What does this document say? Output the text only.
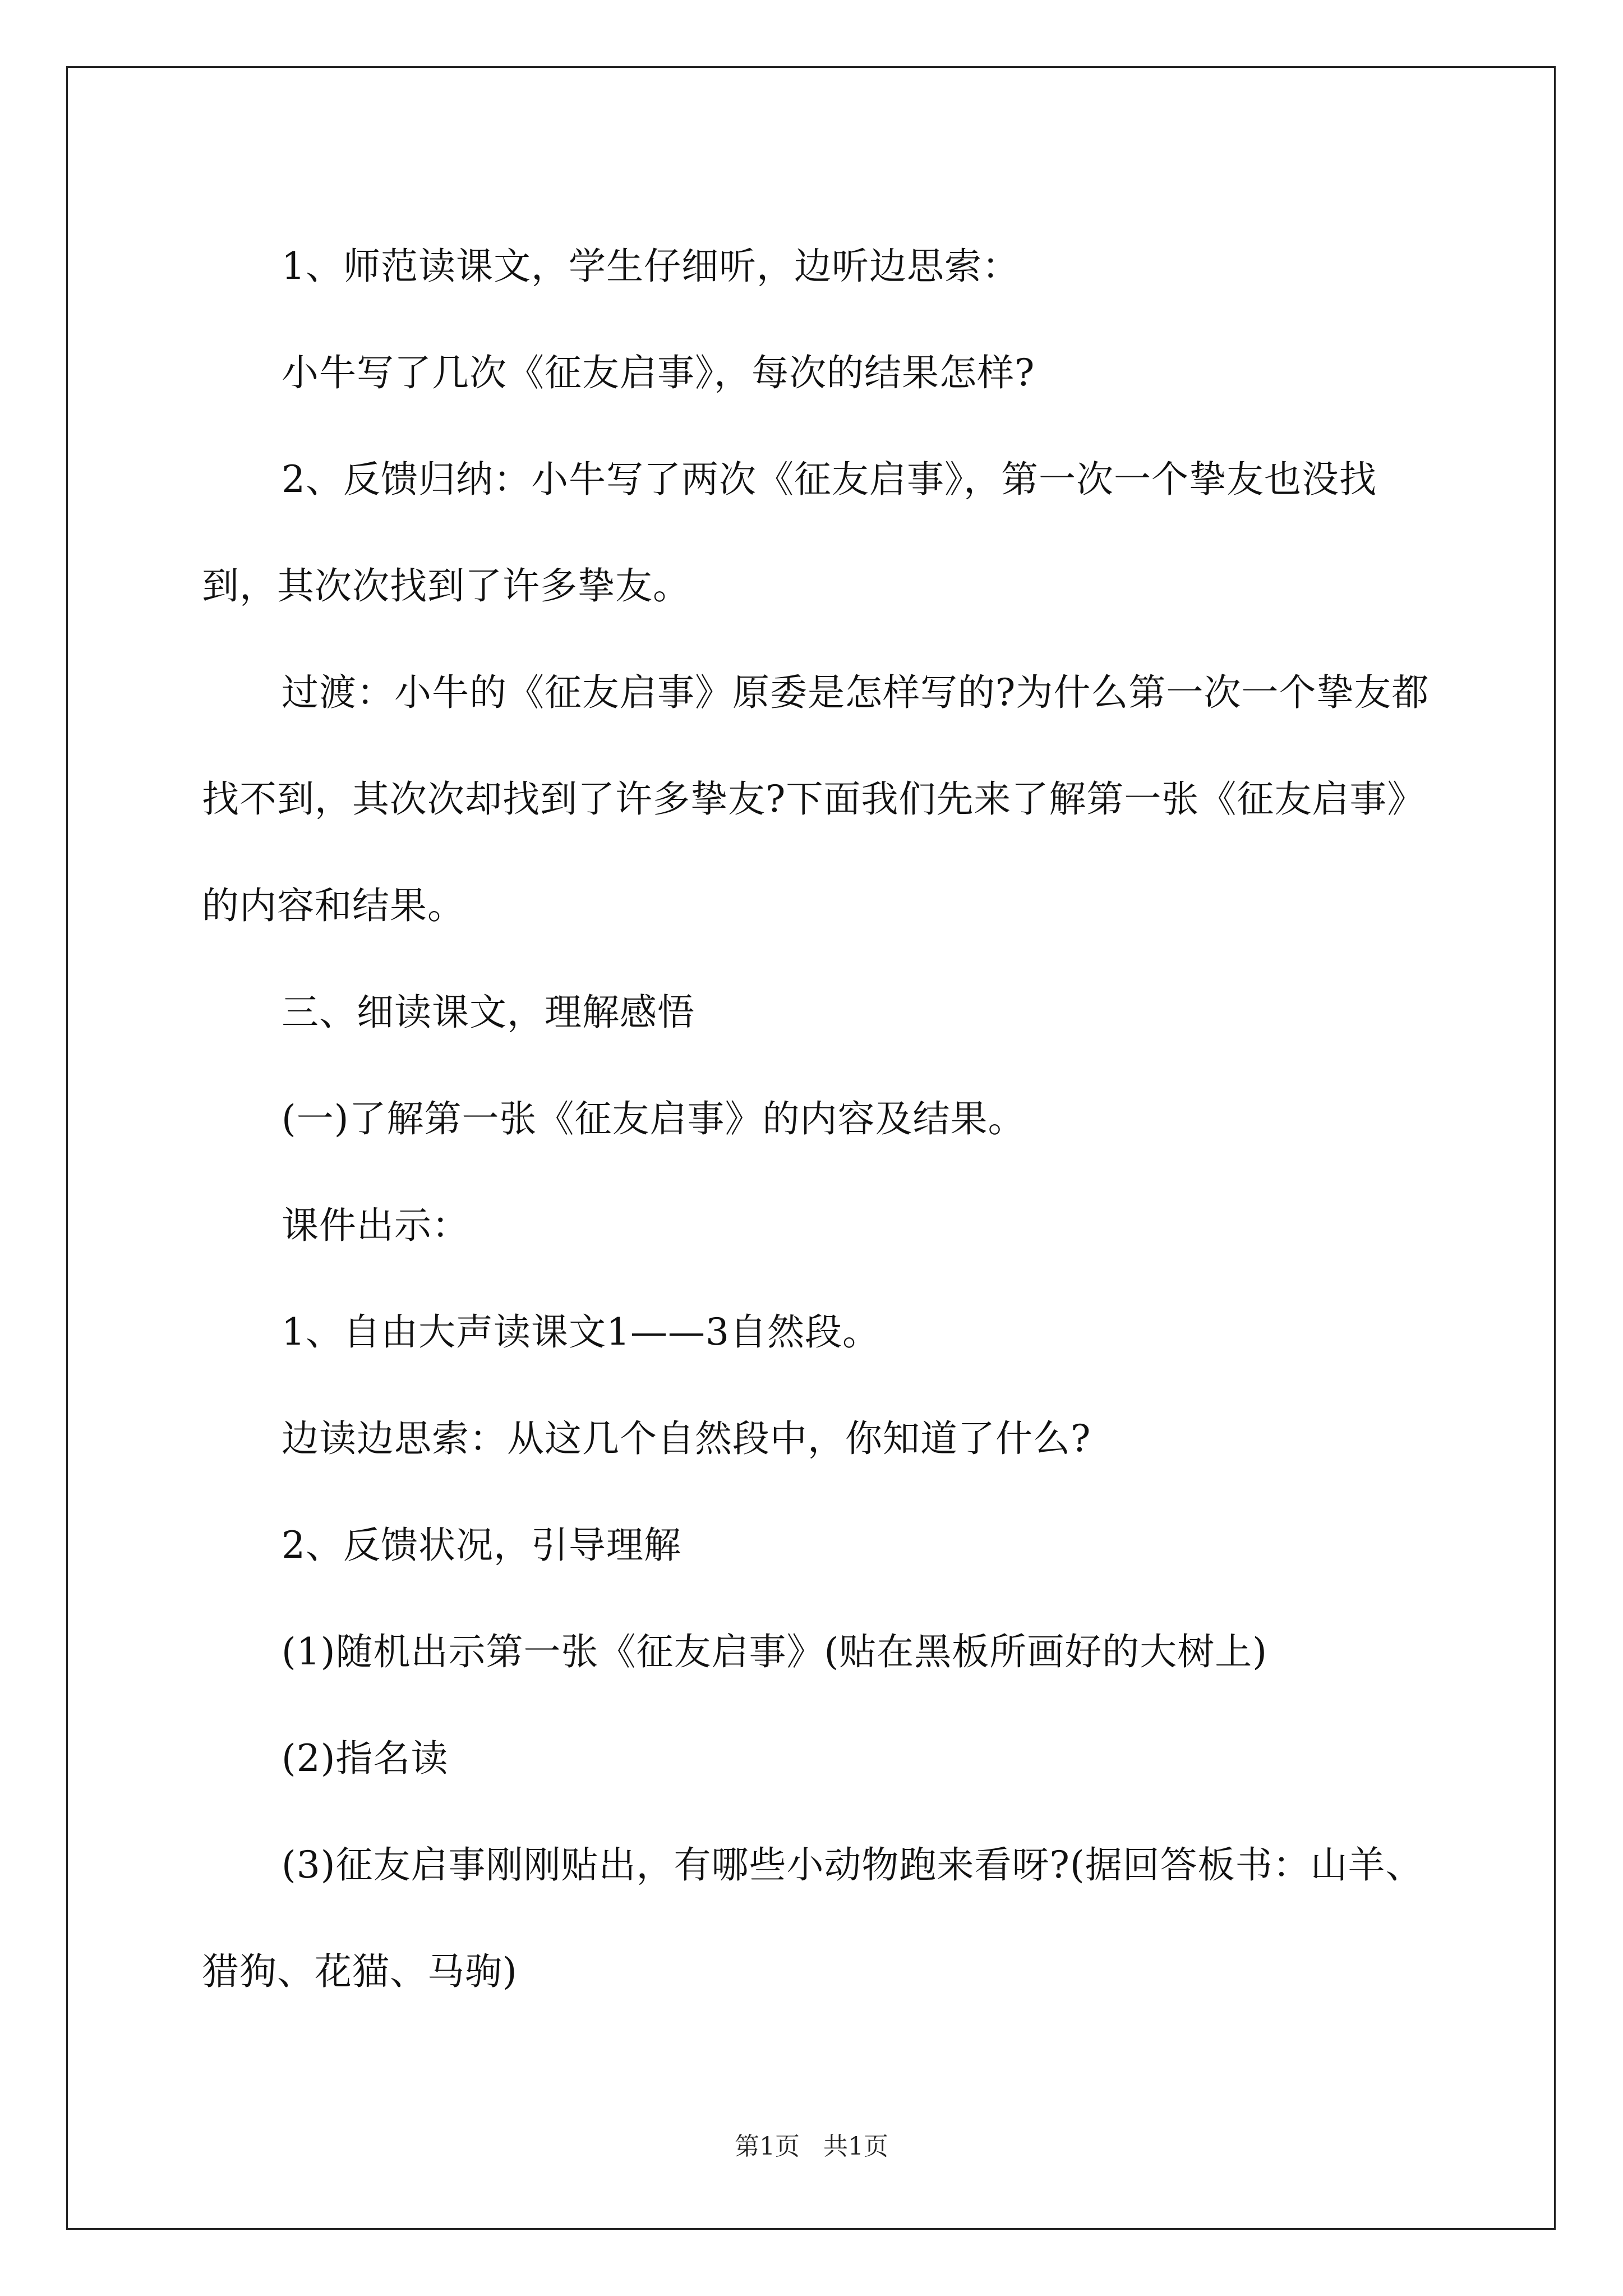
1、师范读课文，学生仔细听，边听边思索：

小牛写了几次《征友启事》，每次的结果怎样?

2、反馈归纳：小牛写了两次《征友启事》，第一次一个挚友也没找到，其次次找到了许多挚友。

过渡：小牛的《征友启事》原委是怎样写的?为什么第一次一个挚友都找不到，其次次却找到了许多挚友?下面我们先来了解第一张《征友启事》的内容和结果。

三、细读课文，理解感悟

(一)了解第一张《征友启事》的内容及结果。

课件出示：

1、自由大声读课文1——3自然段。

边读边思索：从这几个自然段中，你知道了什么?

2、反馈状况，引导理解

(1)随机出示第一张《征友启事》(贴在黑板所画好的大树上)

(2)指名读

(3)征友启事刚刚贴出，有哪些小动物跑来看呀?(据回答板书：山羊、猎狗、花猫、马驹)

第1页 共1页
